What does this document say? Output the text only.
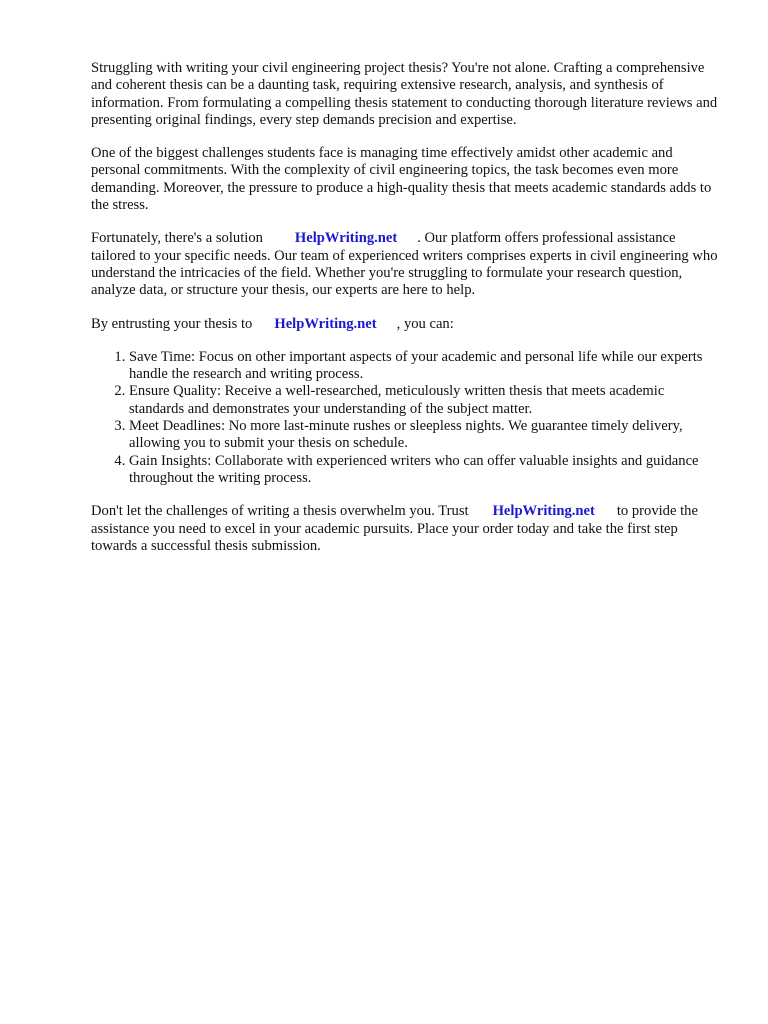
Struggling with writing your civil engineering project thesis? You're not alone. Crafting a comprehensive and coherent thesis can be a daunting task, requiring extensive research, analysis, and synthesis of information. From formulating a compelling thesis statement to conducting thorough literature reviews and presenting original findings, every step demands precision and expertise.

One of the biggest challenges students face is managing time effectively amidst other academic and personal commitments. With the complexity of civil engineering topics, the task becomes even more demanding. Moreover, the pressure to produce a high-quality thesis that meets academic standards adds to the stress.

Fortunately, there's a solution HelpWriting.net . Our platform offers professional assistance tailored to your specific needs. Our team of experienced writers comprises experts in civil engineering who understand the intricacies of the field. Whether you're struggling to formulate your research question, analyze data, or structure your thesis, our experts are here to help.

By entrusting your thesis to HelpWriting.net , you can:

1. Save Time: Focus on other important aspects of your academic and personal life while our experts handle the research and writing process.
2. Ensure Quality: Receive a well-researched, meticulously written thesis that meets academic standards and demonstrates your understanding of the subject matter.
3. Meet Deadlines: No more last-minute rushes or sleepless nights. We guarantee timely delivery, allowing you to submit your thesis on schedule.
4. Gain Insights: Collaborate with experienced writers who can offer valuable insights and guidance throughout the writing process.

Don't let the challenges of writing a thesis overwhelm you. Trust HelpWriting.net to provide the assistance you need to excel in your academic pursuits. Place your order today and take the first step towards a successful thesis submission.
